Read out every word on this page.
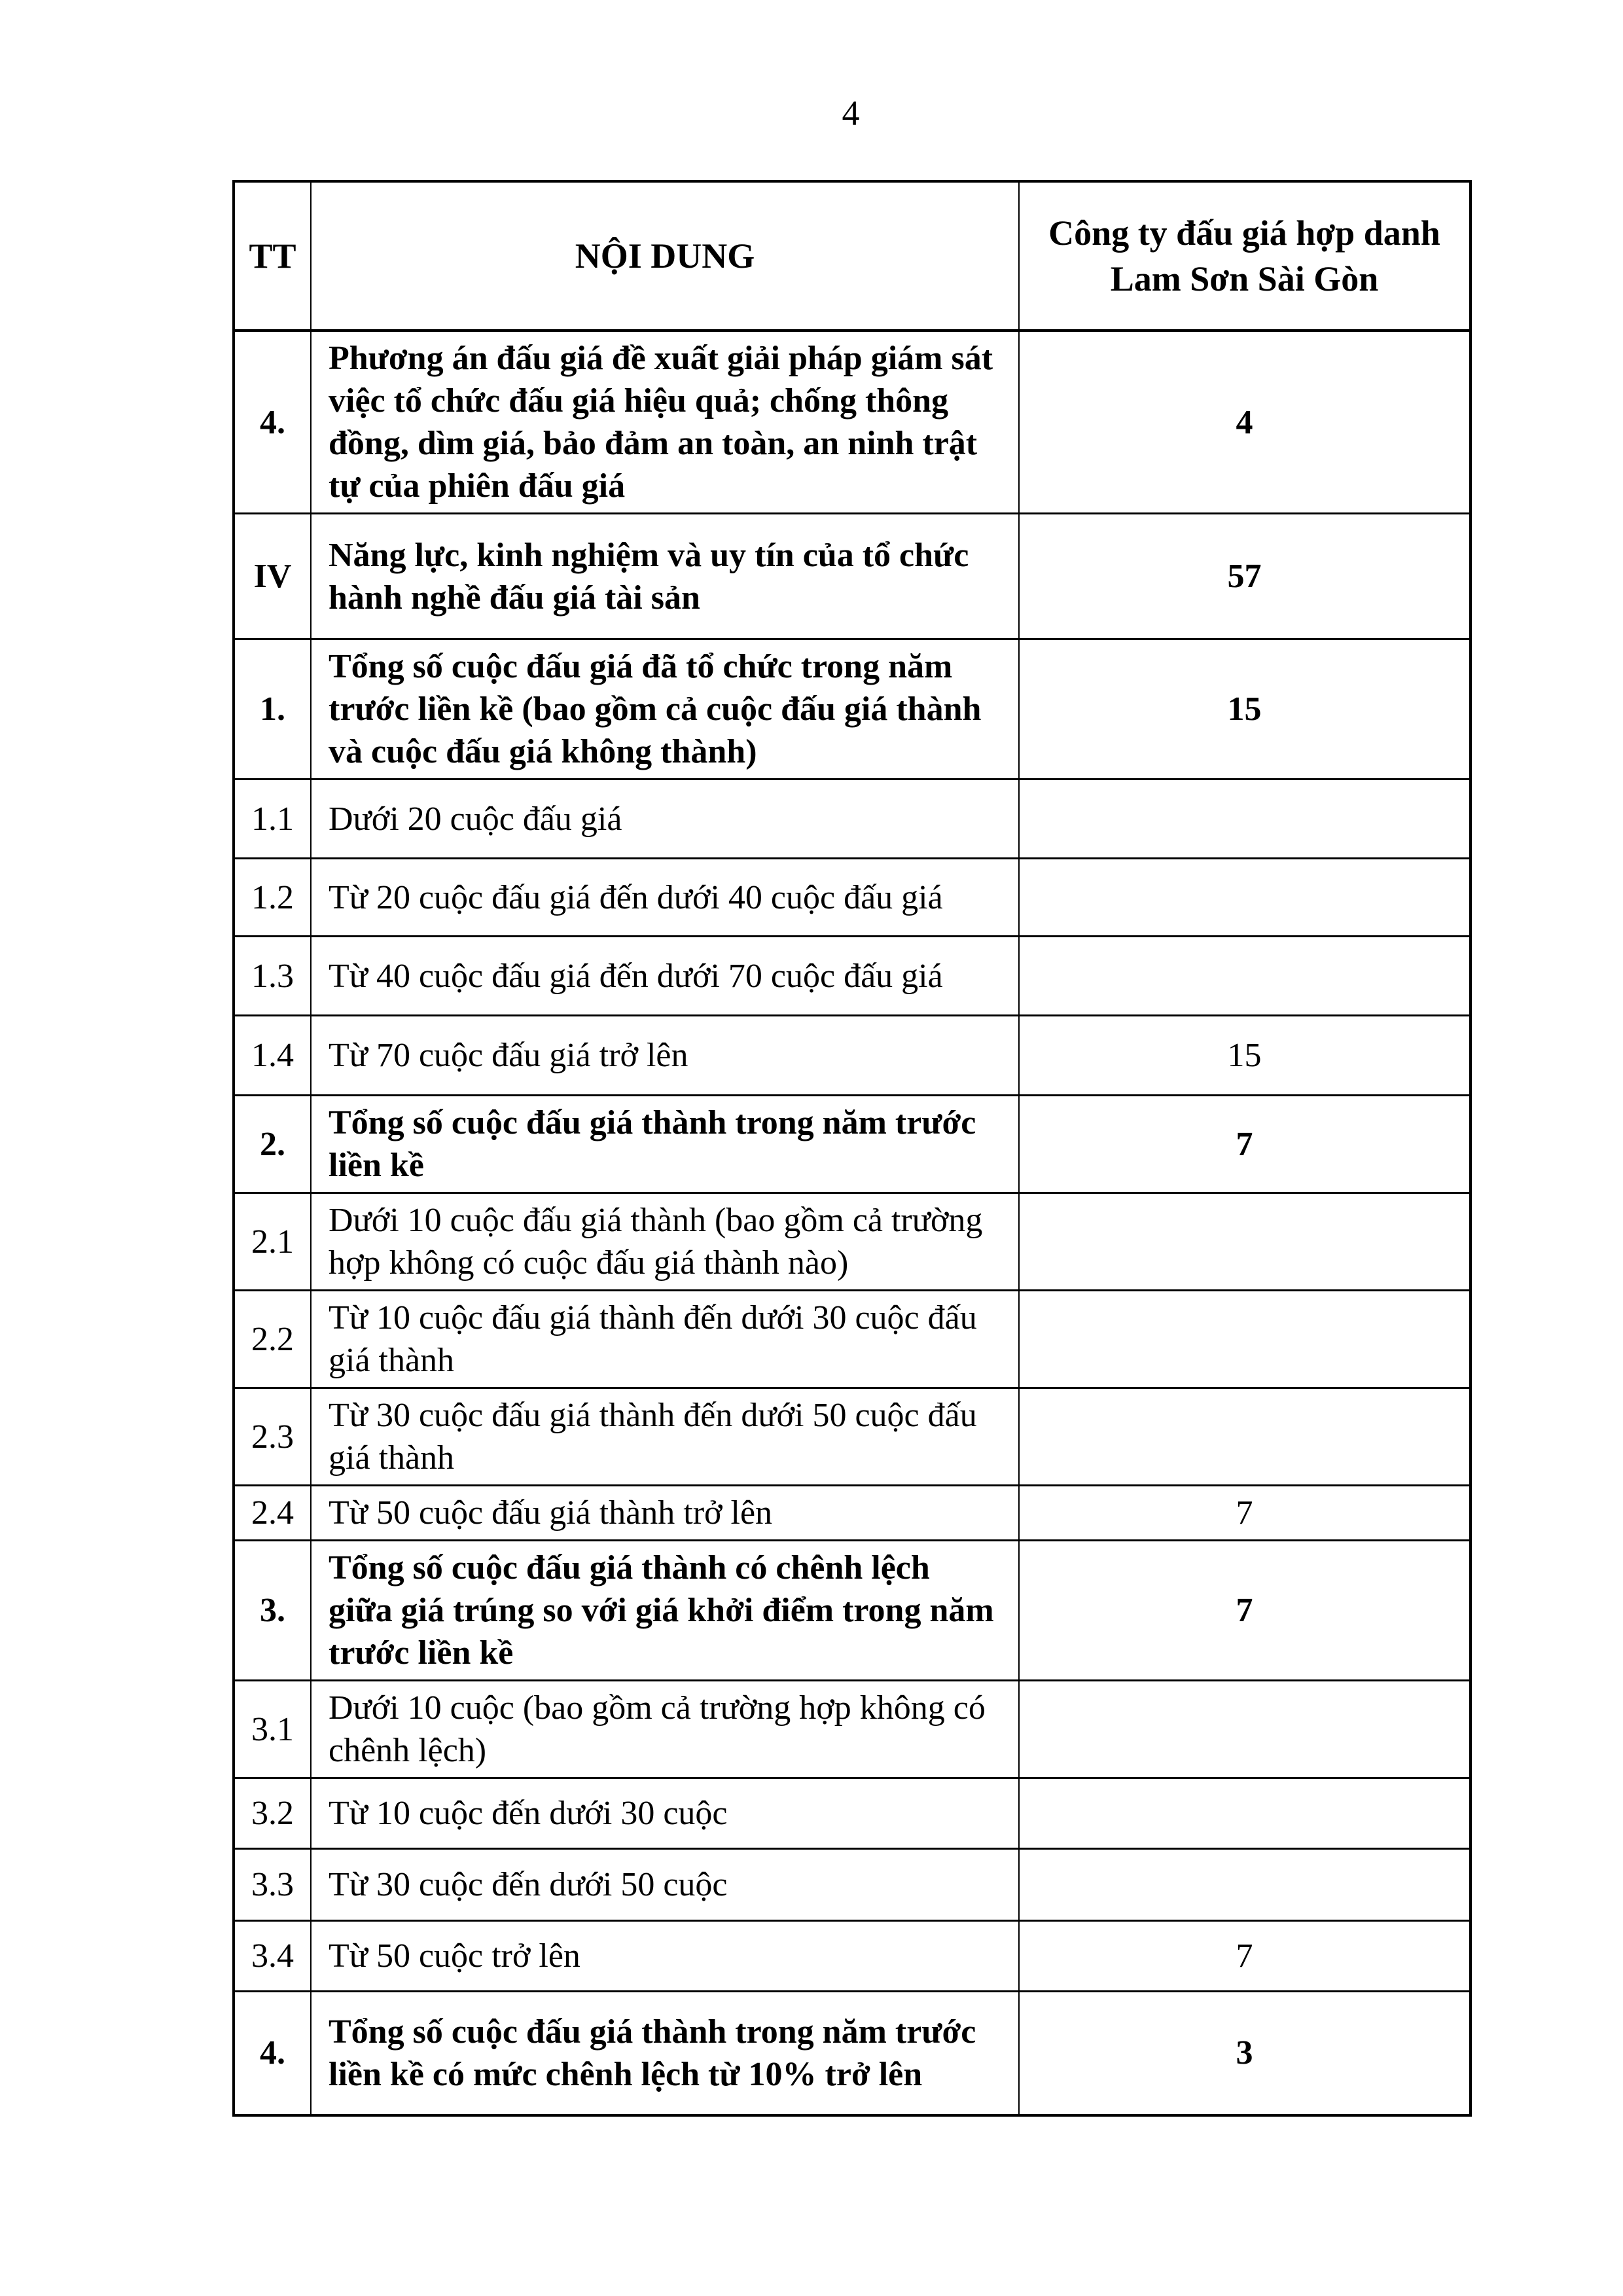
4
TT	NỘI DUNG	Công ty đấu giá hợp danh Lam Sơn Sài Gòn
4.	Phương án đấu giá đề xuất giải pháp giám sát việc tổ chức đấu giá hiệu quả; chống thông đồng, dìm giá, bảo đảm an toàn, an ninh trật tự của phiên đấu giá	4
IV	Năng lực, kinh nghiệm và uy tín của tổ chức hành nghề đấu giá tài sản	57
1.	Tổng số cuộc đấu giá đã tổ chức trong năm trước liền kề (bao gồm cả cuộc đấu giá thành và cuộc đấu giá không thành)	15
1.1	Dưới 20 cuộc đấu giá	
1.2	Từ 20 cuộc đấu giá đến dưới 40 cuộc đấu giá	
1.3	Từ 40 cuộc đấu giá đến dưới 70 cuộc đấu giá	
1.4	Từ 70 cuộc đấu giá trở lên	15
2.	Tổng số cuộc đấu giá thành trong năm trước liền kề	7
2.1	Dưới 10 cuộc đấu giá thành (bao gồm cả trường hợp không có cuộc đấu giá thành nào)	
2.2	Từ 10 cuộc đấu giá thành đến dưới 30 cuộc đấu giá thành	
2.3	Từ 30 cuộc đấu giá thành đến dưới 50 cuộc đấu giá thành	
2.4	Từ 50 cuộc đấu giá thành trở lên	7
3.	Tổng số cuộc đấu giá thành có chênh lệch giữa giá trúng so với giá khởi điểm trong năm trước liền kề	7
3.1	Dưới 10 cuộc (bao gồm cả trường hợp không có chênh lệch)	
3.2	Từ 10 cuộc đến dưới 30 cuộc	
3.3	Từ 30 cuộc đến dưới 50 cuộc	
3.4	Từ 50 cuộc trở lên	7
4.	Tổng số cuộc đấu giá thành trong năm trước liền kề có mức chênh lệch từ 10% trở lên	3
